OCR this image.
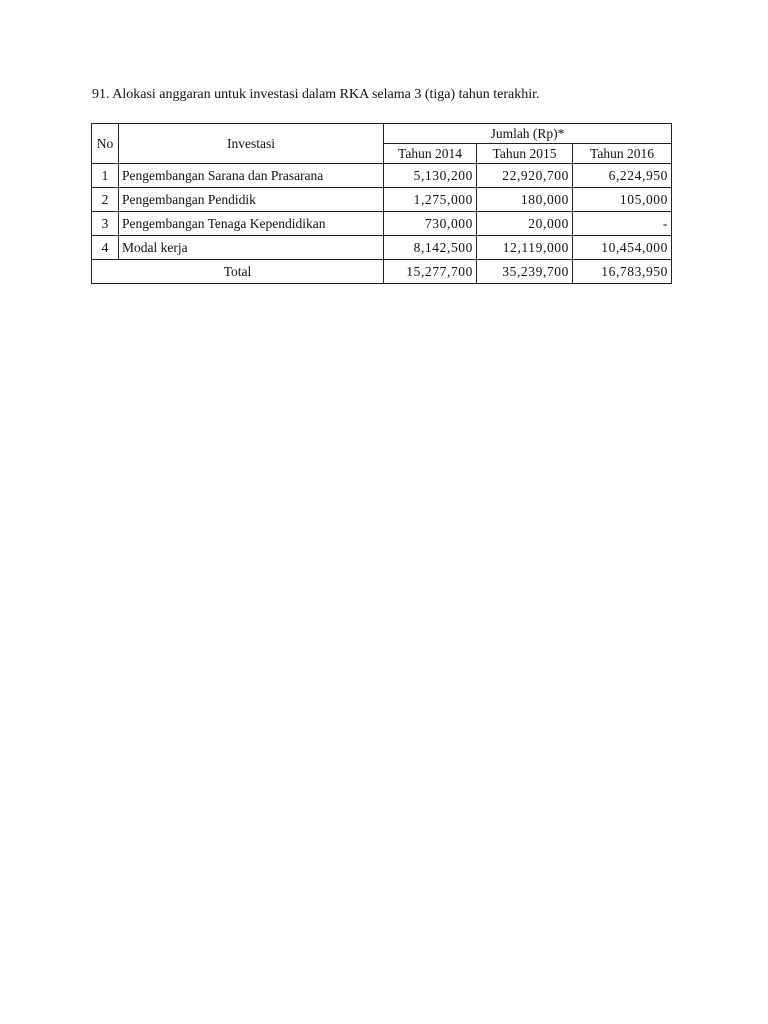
91. Alokasi anggaran untuk investasi dalam RKA selama 3 (tiga) tahun terakhir.
No	Investasi	Jumlah (Rp)*		
		Tahun 2014	Tahun 2015	Tahun 2016
1	Pengembangan Sarana dan Prasarana	5,130,200	22,920,700	6,224,950
2	Pengembangan Pendidik	1,275,000	180,000	105,000
3	Pengembangan Tenaga Kependidikan	730,000	20,000	-
4	Modal kerja	8,142,500	12,119,000	10,454,000
Total		15,277,700	35,239,700	16,783,950
